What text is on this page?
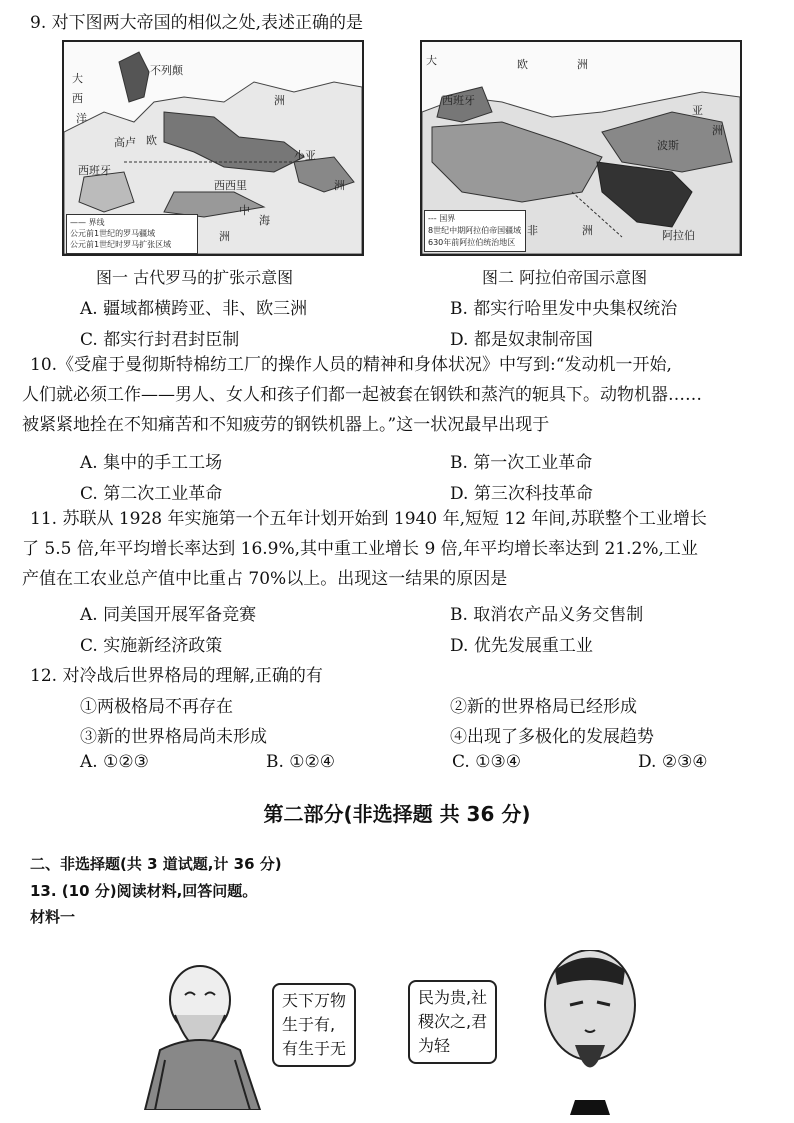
9. 对下图两大帝国的相似之处,表述正确的是
大
西
洋
欧
洲
高卢
西班牙
西西里
洲
洲
中
海
不列颠
小亚
—— 界线
公元前1世纪的罗马疆域
公元前1世纪时罗马扩张区域
图一 古代罗马的扩张示意图
大	欧	洲
西班牙
非	洲	阿拉伯
亚
洲
波斯
--- 国界
8世纪中期阿拉伯帝国疆域
630年前阿拉伯统治地区
图二 阿拉伯帝国示意图
A. 疆域都横跨亚、非、欧三洲	B. 都实行哈里发中央集权统治
C. 都实行封君封臣制	D. 都是奴隶制帝国
10.《受雇于曼彻斯特棉纺工厂的操作人员的精神和身体状况》中写到:“发动机一开始,
人们就必须工作——男人、女人和孩子们都一起被套在钢铁和蒸汽的轭具下。动物机器……
被紧紧地拴在不知痛苦和不知疲劳的钢铁机器上。”这一状况最早出现于
A. 集中的手工工场	B. 第一次工业革命
C. 第二次工业革命	D. 第三次科技革命
11. 苏联从 1928 年实施第一个五年计划开始到 1940 年,短短 12 年间,苏联整个工业增长
了 5.5 倍,年平均增长率达到 16.9%,其中重工业增长 9 倍,年平均增长率达到 21.2%,工业
产值在工农业总产值中比重占 70%以上。出现这一结果的原因是
A. 同美国开展军备竞赛	B. 取消农产品义务交售制
C. 实施新经济政策	D. 优先发展重工业
12. 对冷战后世界格局的理解,正确的有
①两极格局不再存在	②新的世界格局已经形成
③新的世界格局尚未形成	④出现了多极化的发展趋势
A. ①②③	B. ①②④	C. ①③④	D. ②③④
第二部分(非选择题 共 36 分)
二、非选择题(共 3 道试题,计 36 分)
13. (10 分)阅读材料,回答问题。
材料一
天下万物
生于有,
有生于无
民为贵,社
稷次之,君
为轻
